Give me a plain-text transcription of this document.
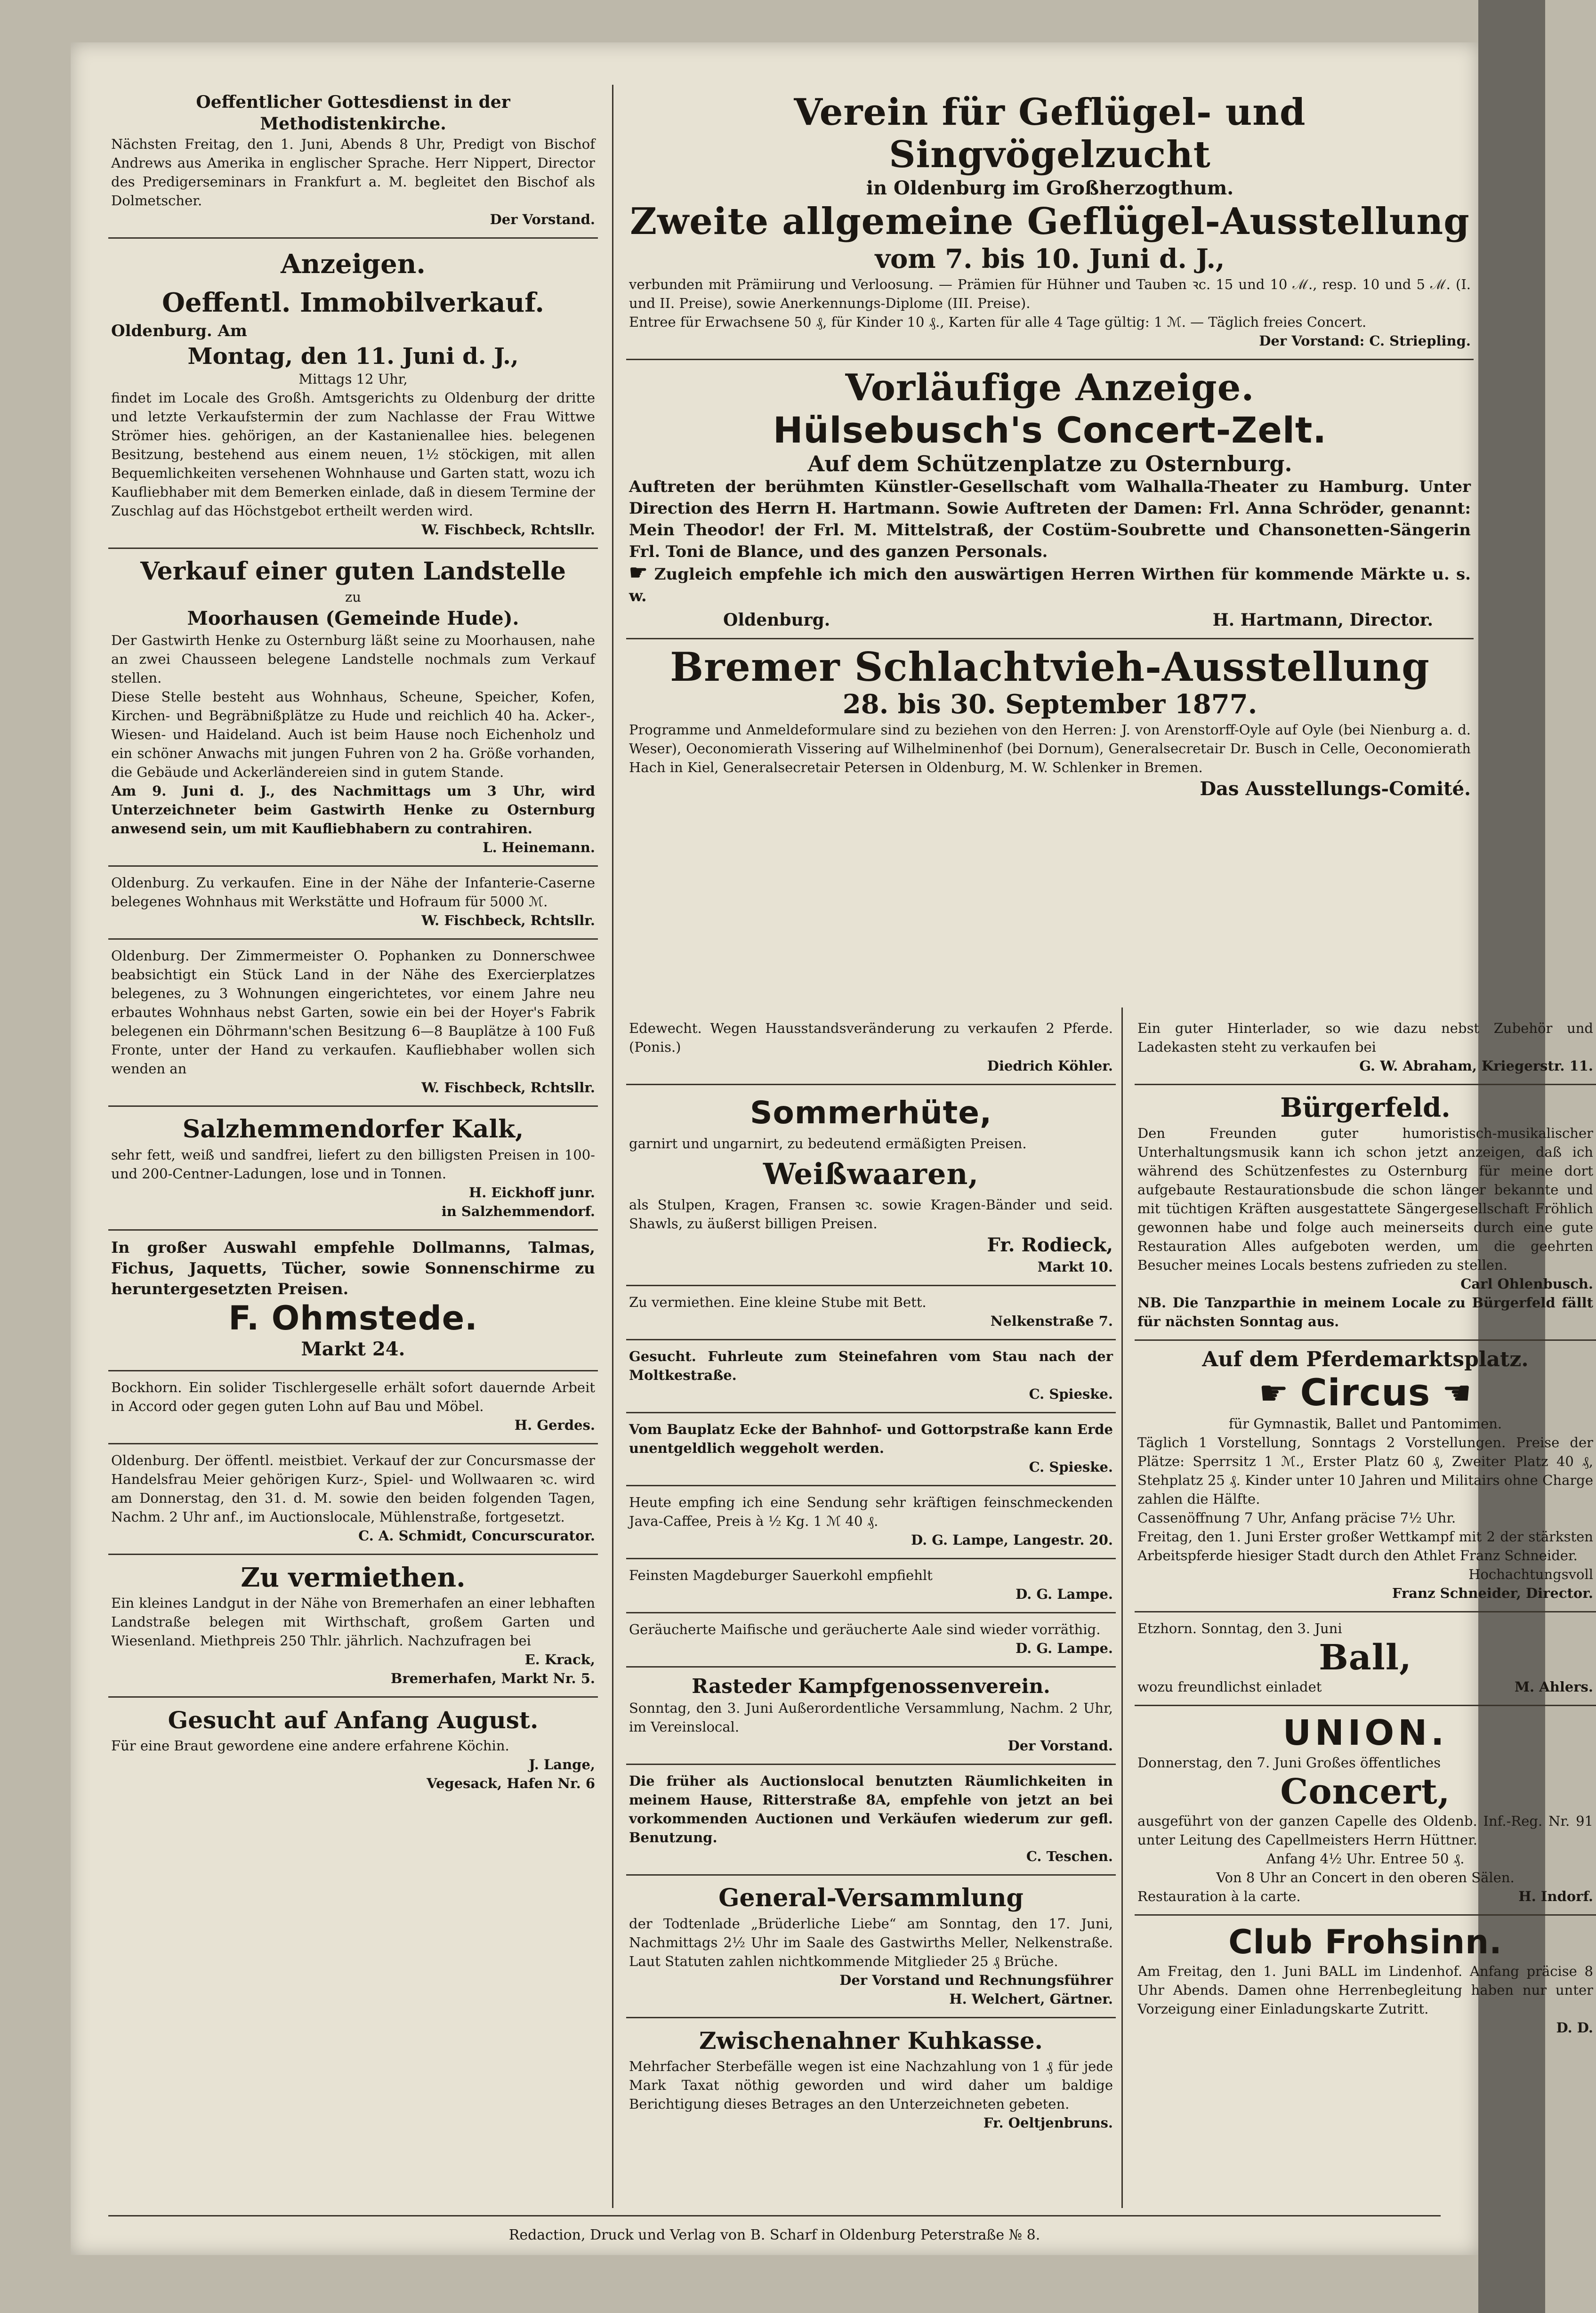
Oeffentlicher Gottesdienst in der Methodistenkirche.

Nächsten Freitag, den 1. Juni, Abends 8 Uhr, Predigt von Bischof Andrews aus Amerika in englischer Sprache. Herr Nippert, Director des Predigerseminars in Frankfurt a. M. begleitet den Bischof als Dolmetscher.

Der Vorstand.
Anzeigen.
Oeffentl. Immobilverkauf.
Oldenburg. Am
Montag, den 11. Juni d. J.,

Mittags 12 Uhr,

findet im Locale des Großh. Amtsgerichts zu Oldenburg der dritte und letzte Verkaufstermin der zum Nachlasse der Frau Wittwe Strömer hies. gehörigen, an der Kastanienallee hies. belegenen Besitzung, bestehend aus einem neuen, 1½ stöckigen, mit allen Bequemlichkeiten versehenen Wohnhause und Garten statt, wozu ich Kaufliebhaber mit dem Bemerken einlade, daß in diesem Termine der Zuschlag auf das Höchstgebot ertheilt werden wird.

W. Fischbeck, Rchtsllr.
Verkauf einer guten Landstelle

zu

Moorhausen (Gemeinde Hude).

Der Gastwirth Henke zu Osternburg läßt seine zu Moorhausen, nahe an zwei Chausseen belegene Landstelle nochmals zum Verkauf stellen.

Diese Stelle besteht aus Wohnhaus, Scheune, Speicher, Kofen, Kirchen- und Begräbnißplätze zu Hude und reichlich 40 ha. Acker-, Wiesen- und Haideland. Auch ist beim Hause noch Eichenholz und ein schöner Anwachs mit jungen Fuhren von 2 ha. Größe vorhanden, die Gebäude und Ackerländereien sind in gutem Stande.

Am 9. Juni d. J., des Nachmittags um 3 Uhr, wird Unterzeichneter beim Gastwirth Henke zu Osternburg anwesend sein, um mit Kaufliebhabern zu contrahiren.

L. Heinemann.

Oldenburg. Zu verkaufen. Eine in der Nähe der Infanterie-Caserne belegenes Wohnhaus mit Werkstätte und Hofraum für 5000 ℳ.

W. Fischbeck, Rchtsllr.

Oldenburg. Der Zimmermeister O. Pophanken zu Donnerschwee beabsichtigt ein Stück Land in der Nähe des Exercierplatzes belegenes, zu 3 Wohnungen eingerichtetes, vor einem Jahre neu erbautes Wohnhaus nebst Garten, sowie ein bei der Hoyer's Fabrik belegenen ein Döhrmann'schen Besitzung 6—8 Bauplätze à 100 Fuß Fronte, unter der Hand zu verkaufen. Kaufliebhaber wollen sich wenden an

W. Fischbeck, Rchtsllr.
Salzhemmendorfer Kalk,

sehr fett, weiß und sandfrei, liefert zu den billigsten Preisen in 100- und 200-Centner-Ladungen, lose und in Tonnen.

H. Eickhoff junr.
in Salzhemmendorf.

In großer Auswahl empfehle Dollmanns, Talmas, Fichus, Jaquetts, Tücher, sowie Sonnenschirme zu heruntergesetzten Preisen.

F. Ohmstede.
Markt 24.

Bockhorn. Ein solider Tischlergeselle erhält sofort dauernde Arbeit in Accord oder gegen guten Lohn auf Bau und Möbel.

H. Gerdes.

Oldenburg. Der öffentl. meistbiet. Verkauf der zur Concursmasse der Handelsfrau Meier gehörigen Kurz-, Spiel- und Wollwaaren ꝛc. wird am Donnerstag, den 31. d. M. sowie den beiden folgenden Tagen, Nachm. 2 Uhr anf., im Auctionslocale, Mühlenstraße, fortgesetzt.

C. A. Schmidt, Concurscurator.
Zu vermiethen.

Ein kleines Landgut in der Nähe von Bremerhafen an einer lebhaften Landstraße belegen mit Wirthschaft, großem Garten und Wiesenland. Miethpreis 250 Thlr. jährlich. Nachzufragen bei

E. Krack,
Bremerhafen, Markt Nr. 5.
Gesucht auf Anfang August.

Für eine Braut gewordene eine andere erfahrene Köchin.

J. Lange,
Vegesack, Hafen Nr. 6
Verein für Geflügel- und Singvögelzucht
in Oldenburg im Großherzogthum.
Zweite allgemeine Geflügel-Ausstellung
vom 7. bis 10. Juni d. J.,

verbunden mit Prämiirung und Verloosung. — Prämien für Hühner und Tauben ꝛc. 15 und 10 ℳ., resp. 10 und 5 ℳ. (I. und II. Preise), sowie Anerkennungs-Diplome (III. Preise).

Entree für Erwachsene 50 ₰, für Kinder 10 ₰., Karten für alle 4 Tage gültig: 1 ℳ. — Täglich freies Concert.

Der Vorstand: C. Striepling.
Vorläufige Anzeige.
Hülsebusch's Concert-Zelt.
Auf dem Schützenplatze zu Osternburg.

Auftreten der berühmten Künstler-Gesellschaft vom Walhalla-Theater zu Hamburg. Unter Direction des Herrn H. Hartmann. Sowie Auftreten der Damen: Frl. Anna Schröder, genannt: Mein Theodor! der Frl. M. Mittelstraß, der Costüm-Soubrette und Chansonetten-Sängerin Frl. Toni de Blance, und des ganzen Personals.

☛ Zugleich empfehle ich mich den auswärtigen Herren Wirthen für kommende Märkte u. s. w.

Oldenburg.	H. Hartmann, Director.
Bremer Schlachtvieh-Ausstellung
28. bis 30. September 1877.

Programme und Anmeldeformulare sind zu beziehen von den Herren: J. von Arenstorff-Oyle auf Oyle (bei Nienburg a. d. Weser), Oeconomierath Vissering auf Wilhelminenhof (bei Dornum), Generalsecretair Dr. Busch in Celle, Oeconomierath Hach in Kiel, Generalsecretair Petersen in Oldenburg, M. W. Schlenker in Bremen.

Das Ausstellungs-Comité.

Edewecht. Wegen Hausstandsveränderung zu verkaufen 2 Pferde. (Ponis.)

Diedrich Köhler.
Sommerhüte,

garnirt und ungarnirt, zu bedeutend ermäßigten Preisen.

Weißwaaren,

als Stulpen, Kragen, Fransen ꝛc. sowie Kragen-Bänder und seid. Shawls, zu äußerst billigen Preisen.

Fr. Rodieck,
Markt 10.

Zu vermiethen. Eine kleine Stube mit Bett.

Nelkenstraße 7.

Gesucht. Fuhrleute zum Steinefahren vom Stau nach der Moltkestraße.

C. Spieske.

Vom Bauplatz Ecke der Bahnhof- und Gottorpstraße kann Erde unentgeldlich weggeholt werden.

C. Spieske.

Heute empfing ich eine Sendung sehr kräftigen feinschmeckenden Java-Caffee, Preis à ½ Kg. 1 ℳ 40 ₰.

D. G. Lampe, Langestr. 20.

Feinsten Magdeburger Sauerkohl empfiehlt

D. G. Lampe.

Geräucherte Maifische und geräucherte Aale sind wieder vorräthig.

D. G. Lampe.
Rasteder Kampfgenossenverein.

Sonntag, den 3. Juni Außerordentliche Versammlung, Nachm. 2 Uhr, im Vereinslocal.

Der Vorstand.

Die früher als Auctionslocal benutzten Räumlichkeiten in meinem Hause, Ritterstraße 8A, empfehle von jetzt an bei vorkommenden Auctionen und Verkäufen wiederum zur gefl. Benutzung.

C. Teschen.
General-Versammlung

der Todtenlade „Brüderliche Liebe“ am Sonntag, den 17. Juni, Nachmittags 2½ Uhr im Saale des Gastwirths Meller, Nelkenstraße. Laut Statuten zahlen nichtkommende Mitglieder 25 ₰ Brüche.

Der Vorstand und Rechnungsführer
H. Welchert, Gärtner.
Zwischenahner Kuhkasse.

Mehrfacher Sterbefälle wegen ist eine Nachzahlung von 1 ₰ für jede Mark Taxat nöthig geworden und wird daher um baldige Berichtigung dieses Betrages an den Unterzeichneten gebeten.

Fr. Oeltjenbruns.

Ein guter Hinterlader, so wie dazu nebst Zubehör und Ladekasten steht zu verkaufen bei

G. W. Abraham, Kriegerstr. 11.
Bürgerfeld.

Den Freunden guter humoristisch-musikalischer Unterhaltungsmusik kann ich schon jetzt anzeigen, daß ich während des Schützenfestes zu Osternburg für meine dort aufgebaute Restaurationsbude die schon länger bekannte und mit tüchtigen Kräften ausgestattete Sängergesellschaft Fröhlich gewonnen habe und folge auch meinerseits durch eine gute Restauration Alles aufgeboten werden, um die geehrten Besucher meines Locals bestens zufrieden zu stellen.

Carl Ohlenbusch.

NB. Die Tanzparthie in meinem Locale zu Bürgerfeld fällt für nächsten Sonntag aus.

Auf dem Pferdemarktsplatz.
☛ Circus ☛

für Gymnastik, Ballet und Pantomimen.

Täglich 1 Vorstellung, Sonntags 2 Vorstellungen. Preise der Plätze: Sperrsitz 1 ℳ., Erster Platz 60 ₰, Zweiter Platz 40 ₰, Stehplatz 25 ₰. Kinder unter 10 Jahren und Militairs ohne Charge zahlen die Hälfte.

Cassenöffnung 7 Uhr, Anfang präcise 7½ Uhr.

Freitag, den 1. Juni Erster großer Wettkampf mit 2 der stärksten Arbeitspferde hiesiger Stadt durch den Athlet Franz Schneider.

Hochachtungsvoll
Franz Schneider, Director.

Etzhorn. Sonntag, den 3. Juni

Ball,
wozu freundlichst einladet	M. Ahlers.
UNION.

Donnerstag, den 7. Juni Großes öffentliches

Concert,

ausgeführt von der ganzen Capelle des Oldenb. Inf.-Reg. Nr. 91 unter Leitung des Capellmeisters Herrn Hüttner.

Anfang 4½ Uhr. Entree 50 ₰.

Von 8 Uhr an Concert in den oberen Sälen.

Restauration à la carte.	H. Indorf.
Club Frohsinn.

Am Freitag, den 1. Juni BALL im Lindenhof. Anfang präcise 8 Uhr Abends. Damen ohne Herrenbegleitung haben nur unter Vorzeigung einer Einladungskarte Zutritt.

D. D.
Redaction, Druck und Verlag von B. Scharf in Oldenburg Peterstraße № 8.
